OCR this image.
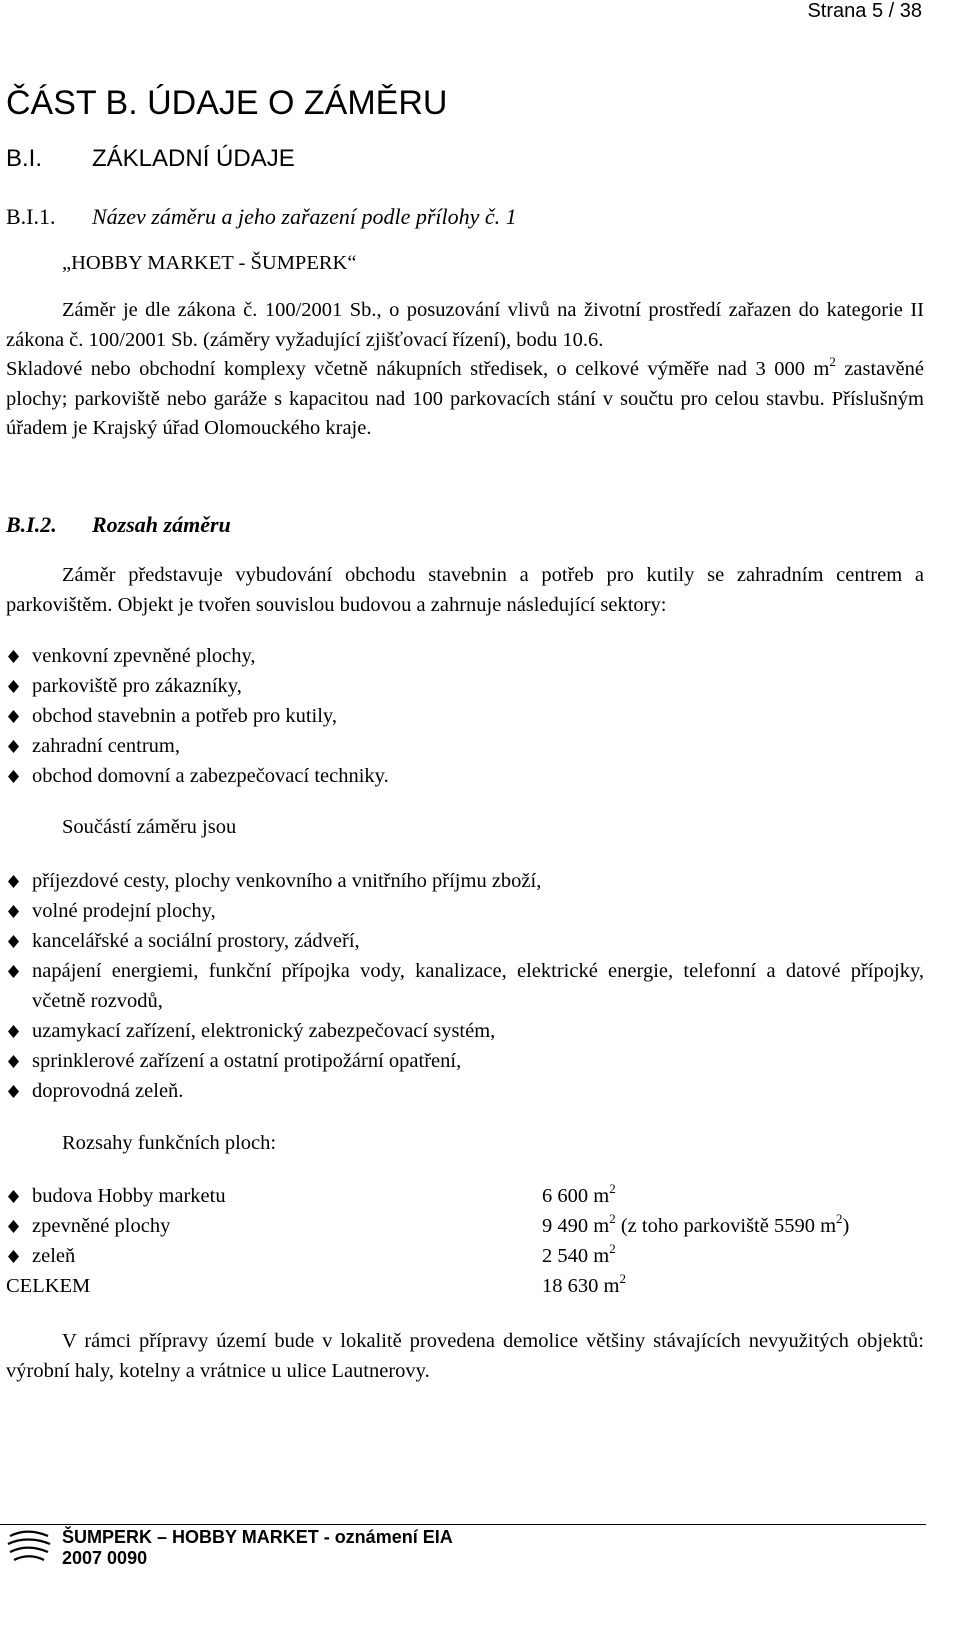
Strana 5 / 38
ČÁST B. ÚDAJE O ZÁMĚRU
B.I. ZÁKLADNÍ ÚDAJE
B.I.1. Název záměru a jeho zařazení podle přílohy č. 1
„HOBBY MARKET - ŠUMPERK“
Záměr je dle zákona č. 100/2001 Sb., o posuzování vlivů na životní prostředí zařazen do kategorie II zákona č. 100/2001 Sb. (záměry vyžadující zjišťovací řízení), bodu 10.6.
Skladové nebo obchodní komplexy včetně nákupních středisek, o celkové výměře nad 3 000 $m^2$ zastavěné plochy; parkoviště nebo garáže s kapacitou nad 100 parkovacích stání v součtu pro celou stavbu. Příslušným úřadem je Krajský úřad Olomouckého kraje.
B.I.2. Rozsah záměru
Záměr představuje vybudování obchodu stavebnin a potřeb pro kutily se zahradním centrem a parkovištěm. Objekt je tvořen souvislou budovou a zahrnuje následující sektory:
venkovní zpevněné plochy,
parkoviště pro zákazníky,
obchod stavebnin a potřeb pro kutily,
zahradní centrum,
obchod domovní a zabezpečovací techniky.
Součástí záměru jsou
příjezdové cesty, plochy venkovního a vnitřního příjmu zboží,
volné prodejní plochy,
kancelářské a sociální prostory, zádveří,
napájení energiemi, funkční přípojka vody, kanalizace, elektrické energie, telefonní a datové přípojky, včetně rozvodů,
uzamykací zařízení, elektronický zabezpečovací systém,
sprinklerové zařízení a ostatní protipožární opatření,
doprovodná zeleň.
Rozsahy funkčních ploch:
budova Hobby marketu	6 600 $m^2$
zpevněné plochy	9 490 $m^2$ (z toho parkoviště 5590 $m^2$)
zeleň	2 540 $m^2$
CELKEM	18 630 $m^2$
V rámci přípravy území bude v lokalitě provedena demolice většiny stávajících nevyužitých objektů: výrobní haly, kotelny a vrátnice u ulice Lautnerovy.
ŠUMPERK – HOBBY MARKET - oznámení EIA
2007 0090
